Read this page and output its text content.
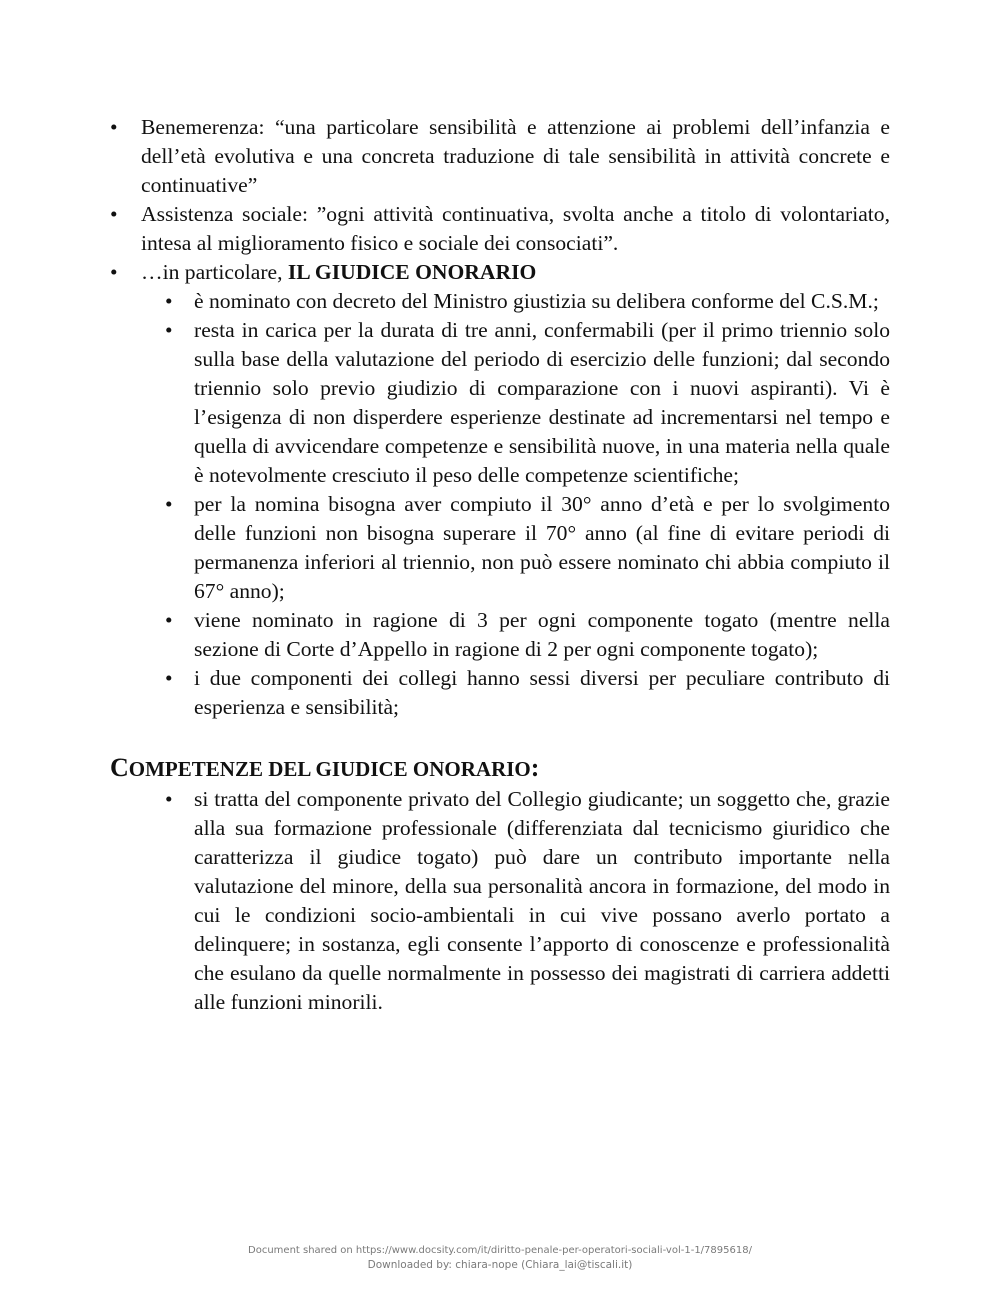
• Benemerenza: “una particolare sensibilità e attenzione ai problemi dell’infanzia e dell’età evolutiva e una concreta traduzione di tale sensibilità in attività concrete e continuative”
• Assistenza sociale: ”ogni attività continuativa, svolta anche a titolo di volontariato, intesa al miglioramento fisico e sociale dei consociati”.
• …in particolare, IL GIUDICE ONORARIO
• è nominato con decreto del Ministro giustizia su delibera conforme del C.S.M.;
• resta in carica per la durata di tre anni, confermabili (per il primo triennio solo sulla base della valutazione del periodo di esercizio delle funzioni; dal secondo triennio solo previo giudizio di comparazione con i nuovi aspiranti). Vi è l’esigenza di non disperdere esperienze destinate ad incrementarsi nel tempo e quella di avvicendare competenze e sensibilità nuove, in una materia nella quale è notevolmente cresciuto il peso delle competenze scientifiche;
• per la nomina bisogna aver compiuto il 30° anno d’età e per lo svolgimento delle funzioni non bisogna superare il 70° anno (al fine di evitare periodi di permanenza inferiori al triennio, non può essere nominato chi abbia compiuto il 67° anno);
• viene nominato in ragione di 3 per ogni componente togato (mentre nella sezione di Corte d’Appello in ragione di 2 per ogni componente togato);
• i due componenti dei collegi hanno sessi diversi per peculiare contributo di esperienza e sensibilità;
COMPETENZE DEL GIUDICE ONORARIO:
• si tratta del componente privato del Collegio giudicante; un soggetto che, grazie alla sua formazione professionale (differenziata dal tecnicismo giuridico che caratterizza il giudice togato) può dare un contributo importante nella valutazione del minore, della sua personalità ancora in formazione, del modo in cui le condizioni socio-ambientali in cui vive possano averlo portato a delinquere; in sostanza, egli consente l’apporto di conoscenze e professionalità che esulano da quelle normalmente in possesso dei magistrati di carriera addetti alle funzioni minorili.
Document shared on https://www.docsity.com/it/diritto-penale-per-operatori-sociali-vol-1-1/7895618/
Downloaded by: chiara-nope (Chiara_lai@tiscali.it)
